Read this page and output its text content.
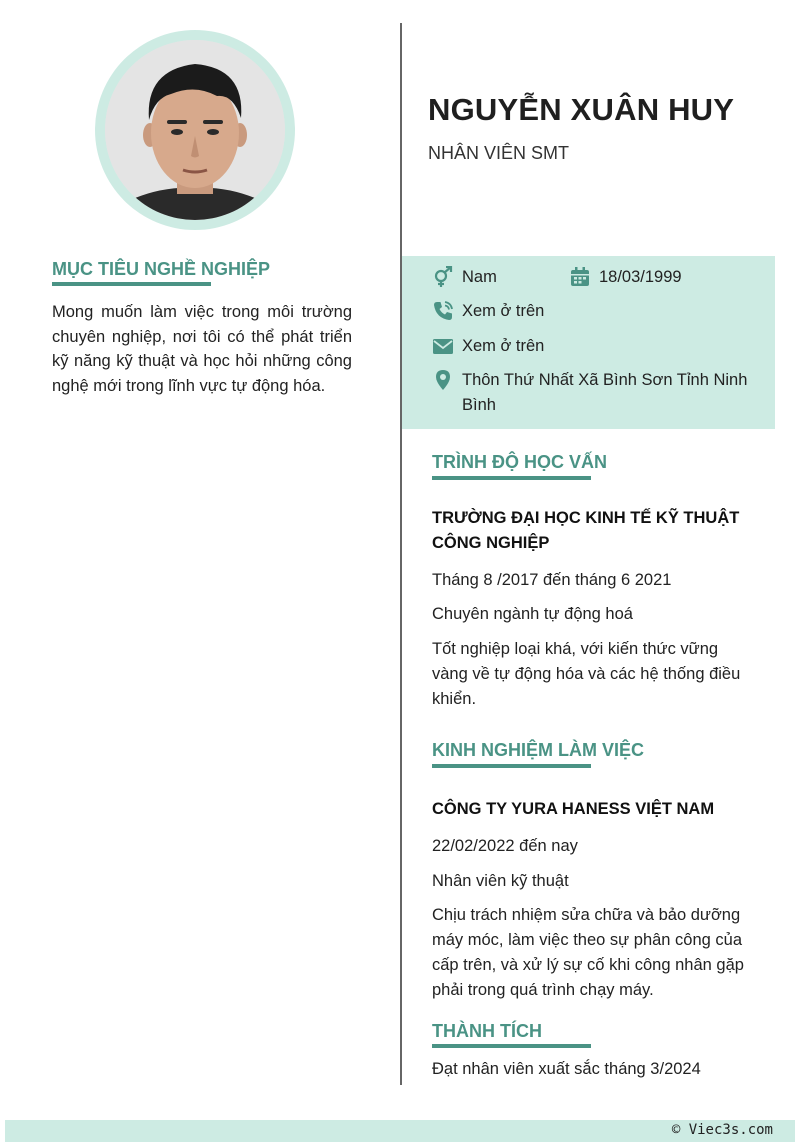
NGUYỄN XUÂN HUY
NHÂN VIÊN SMT
MỤC TIÊU NGHỀ NGHIỆP
Mong muốn làm việc trong môi trường chuyên nghiệp, nơi tôi có thể phát triển kỹ năng kỹ thuật và học hỏi những công nghệ mới trong lĩnh vực tự động hóa.
Nam	18/03/1999
Xem ở trên
Xem ở trên
Thôn Thứ Nhất Xã Bình Sơn Tỉnh Ninh Bình
TRÌNH ĐỘ HỌC VẤN
TRƯỜNG ĐẠI HỌC KINH TẾ KỸ THUẬT CÔNG NGHIỆP
Tháng 8 /2017 đến tháng 6 2021
Chuyên ngành tự động hoá
Tốt nghiệp loại khá, với kiến thức vững vàng về tự động hóa và các hệ thống điều khiển.
KINH NGHIỆM LÀM VIỆC
CÔNG TY YURA HANESS VIỆT NAM
22/02/2022 đến nay
Nhân viên kỹ thuật
Chịu trách nhiệm sửa chữa và bảo dưỡng máy móc, làm việc theo sự phân công của cấp trên, và xử lý sự cố khi công nhân gặp phải trong quá trình chạy máy.
THÀNH TÍCH
Đạt nhân viên xuất sắc tháng 3/2024
© Viec3s.com
